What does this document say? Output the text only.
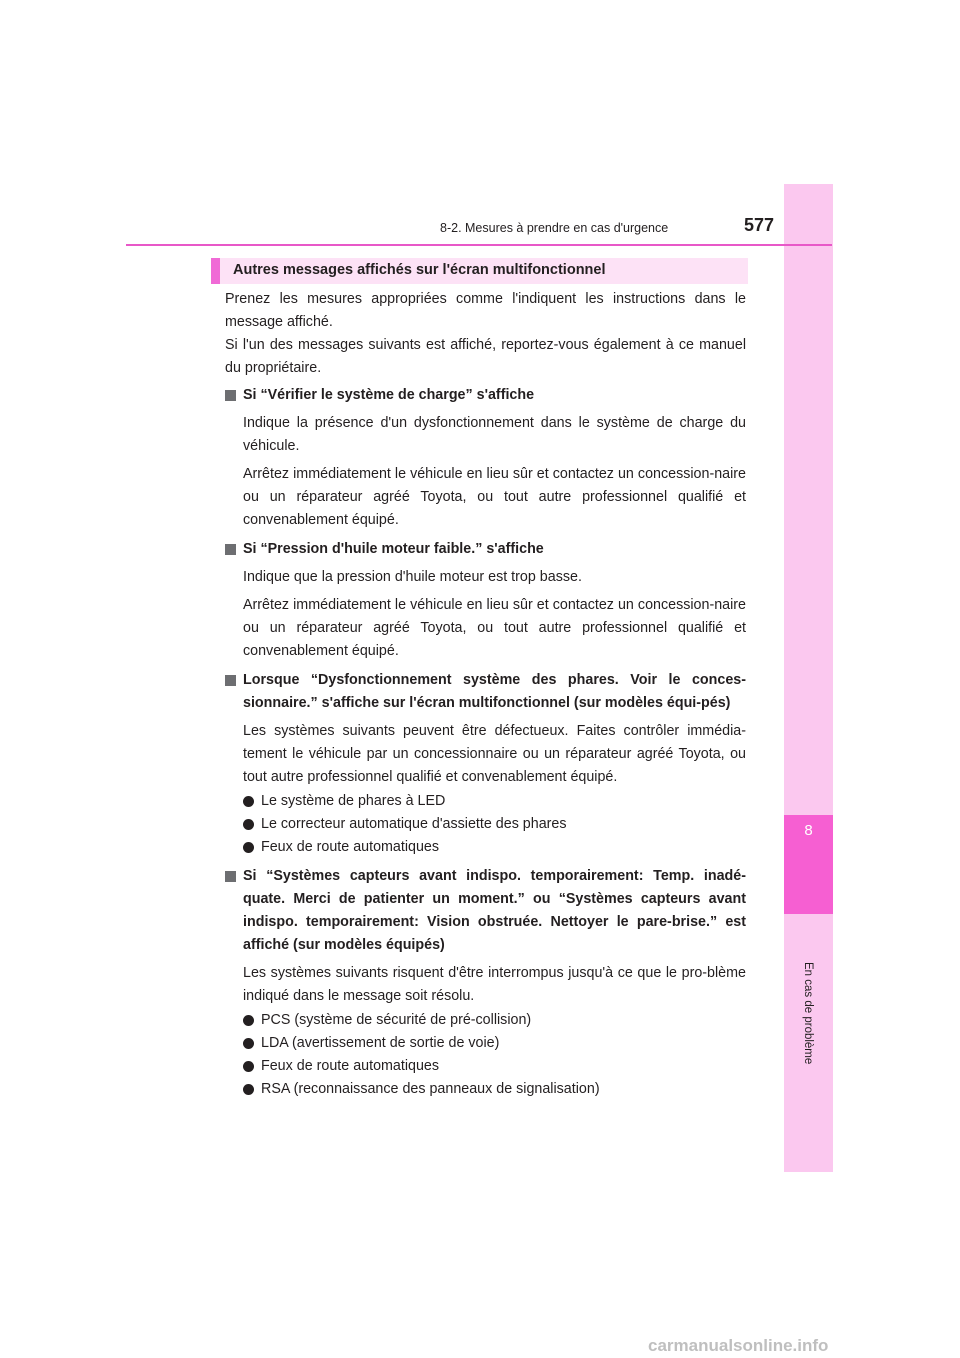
8
En cas de problème
8-2. Mesures à prendre en cas d'urgence	577
Autres messages affichés sur l'écran multifonctionnel

Prenez les mesures appropriées comme l'indiquent les instructions dans le message affiché.

Si l'un des messages suivants est affiché, reportez-vous également à ce manuel du propriétaire.

Si “Vérifier le système de charge” s'affiche

Indique la présence d'un dysfonctionnement dans le système de charge du véhicule.

Arrêtez immédiatement le véhicule en lieu sûr et contactez un concession-naire ou un réparateur agréé Toyota, ou tout autre professionnel qualifié et convenablement équipé.

Si “Pression d'huile moteur faible.” s'affiche

Indique que la pression d'huile moteur est trop basse.

Arrêtez immédiatement le véhicule en lieu sûr et contactez un concession-naire ou un réparateur agréé Toyota, ou tout autre professionnel qualifié et convenablement équipé.

Lorsque “Dysfonctionnement système des phares. Voir le conces-sionnaire.” s'affiche sur l'écran multifonctionnel (sur modèles équi-pés)

Les systèmes suivants peuvent être défectueux. Faites contrôler immédia-tement le véhicule par un concessionnaire ou un réparateur agréé Toyota, ou tout autre professionnel qualifié et convenablement équipé.

Le système de phares à LED
Le correcteur automatique d'assiette des phares
Feux de route automatiques
Si “Systèmes capteurs avant indispo. temporairement: Temp. inadé-quate. Merci de patienter un moment.” ou “Systèmes capteurs avant indispo. temporairement: Vision obstruée. Nettoyer le pare-brise.” est affiché (sur modèles équipés)

Les systèmes suivants risquent d'être interrompus jusqu'à ce que le pro-blème indiqué dans le message soit résolu.

PCS (système de sécurité de pré-collision)
LDA (avertissement de sortie de voie)
Feux de route automatiques
RSA (reconnaissance des panneaux de signalisation)
carmanualsonline.info
